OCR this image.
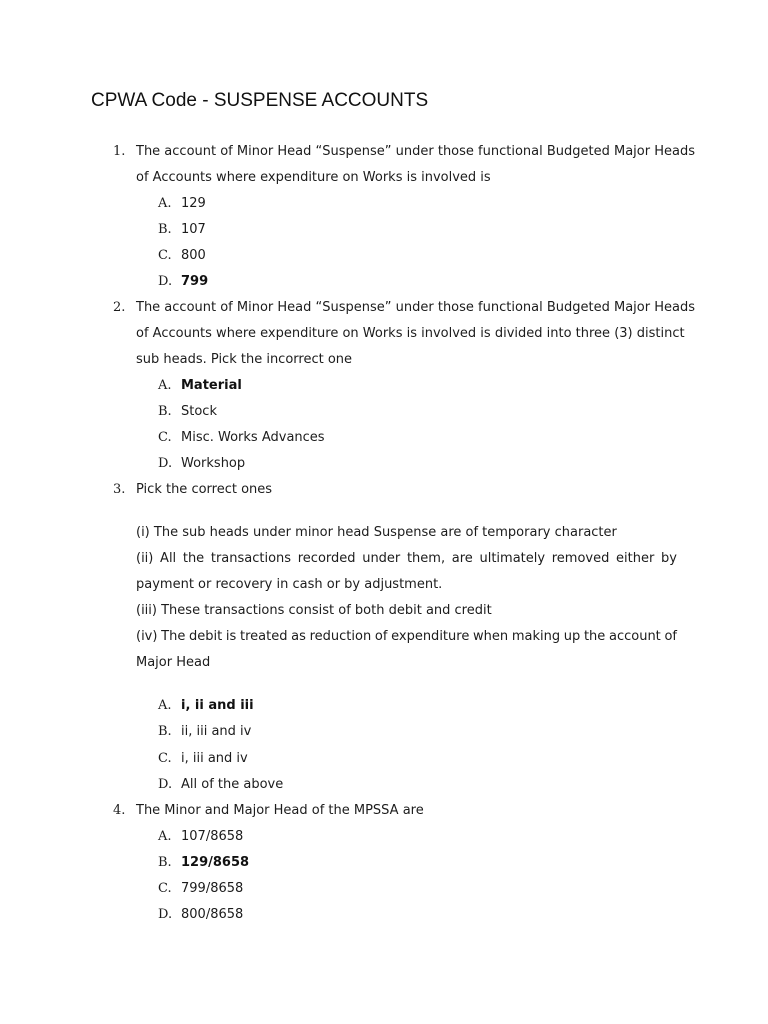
CPWA Code - SUSPENSE ACCOUNTS
1. The account of Minor Head “Suspense” under those functional Budgeted Major Heads
of Accounts where expenditure on Works is involved is
A. 129
B. 107
C. 800
D. 799
2. The account of Minor Head “Suspense” under those functional Budgeted Major Heads
of Accounts where expenditure on Works is involved is divided into three (3) distinct
sub heads. Pick the incorrect one
A. Material
B. Stock
C. Misc. Works Advances
D. Workshop
3. Pick the correct ones
(i) The sub heads under minor head Suspense are of temporary character
(ii) All the transactions recorded under them, are ultimately removed either by
payment or recovery in cash or by adjustment.
(iii) These transactions consist of both debit and credit
(iv) The debit is treated as reduction of expenditure when making up the account of
Major Head
A. i, ii and iii
B. ii, iii and iv
C. i, iii and iv
D. All of the above
4. The Minor and Major Head of the MPSSA are
A. 107/8658
B. 129/8658
C. 799/8658
D. 800/8658
